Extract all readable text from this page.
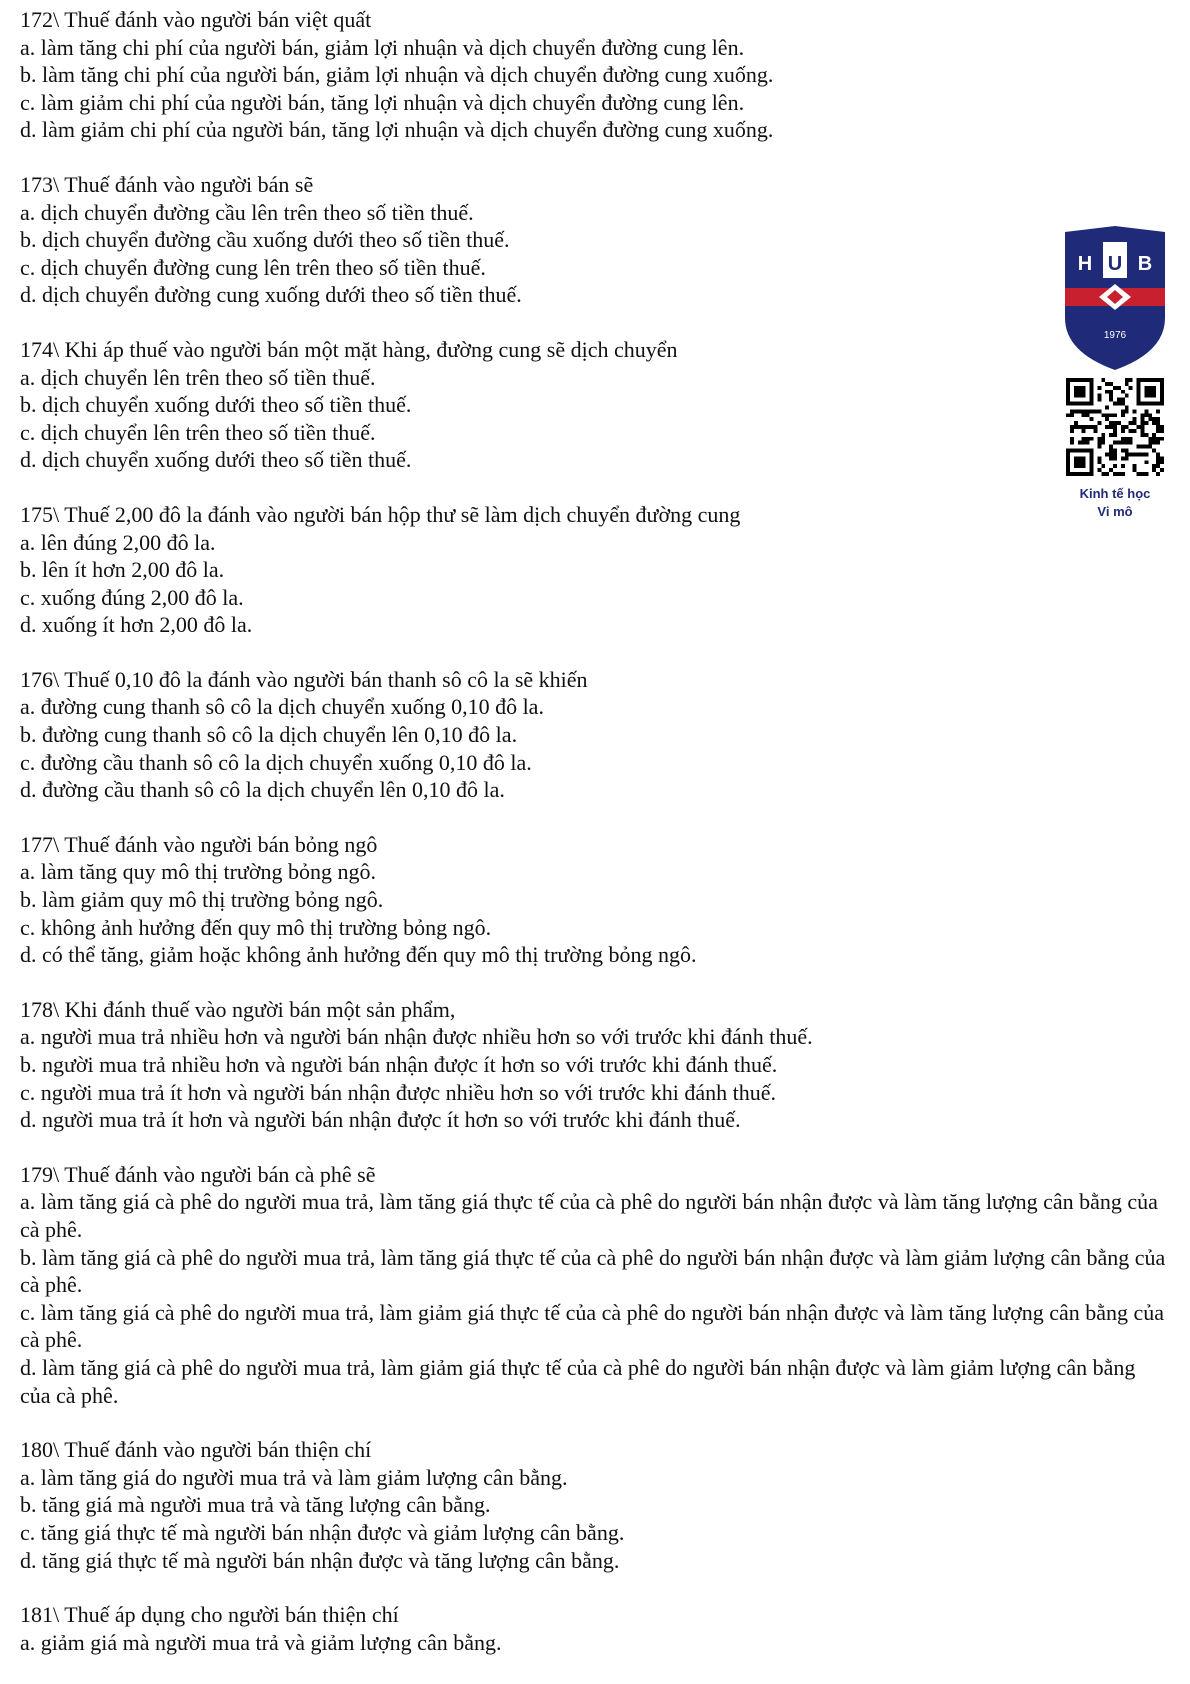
172\ Thuế đánh vào người bán việt quất

a. làm tăng chi phí của người bán, giảm lợi nhuận và dịch chuyển đường cung lên.

b. làm tăng chi phí của người bán, giảm lợi nhuận và dịch chuyển đường cung xuống.

c. làm giảm chi phí của người bán, tăng lợi nhuận và dịch chuyển đường cung lên.

d. làm giảm chi phí của người bán, tăng lợi nhuận và dịch chuyển đường cung xuống.

173\ Thuế đánh vào người bán sẽ

a. dịch chuyển đường cầu lên trên theo số tiền thuế.

b. dịch chuyển đường cầu xuống dưới theo số tiền thuế.

c. dịch chuyển đường cung lên trên theo số tiền thuế.

d. dịch chuyển đường cung xuống dưới theo số tiền thuế.

174\ Khi áp thuế vào người bán một mặt hàng, đường cung sẽ dịch chuyển

a. dịch chuyển lên trên theo số tiền thuế.

b. dịch chuyển xuống dưới theo số tiền thuế.

c. dịch chuyển lên trên theo số tiền thuế.

d. dịch chuyển xuống dưới theo số tiền thuế.

175\ Thuế 2,00 đô la đánh vào người bán hộp thư sẽ làm dịch chuyển đường cung

a. lên đúng 2,00 đô la.

b. lên ít hơn 2,00 đô la.

c. xuống đúng 2,00 đô la.

d. xuống ít hơn 2,00 đô la.

176\ Thuế 0,10 đô la đánh vào người bán thanh sô cô la sẽ khiến

a. đường cung thanh sô cô la dịch chuyển xuống 0,10 đô la.

b. đường cung thanh sô cô la dịch chuyển lên 0,10 đô la.

c. đường cầu thanh sô cô la dịch chuyển xuống 0,10 đô la.

d. đường cầu thanh sô cô la dịch chuyển lên 0,10 đô la.

177\ Thuế đánh vào người bán bỏng ngô

a. làm tăng quy mô thị trường bỏng ngô.

b. làm giảm quy mô thị trường bỏng ngô.

c. không ảnh hưởng đến quy mô thị trường bỏng ngô.

d. có thể tăng, giảm hoặc không ảnh hưởng đến quy mô thị trường bỏng ngô.

178\ Khi đánh thuế vào người bán một sản phẩm,

a. người mua trả nhiều hơn và người bán nhận được nhiều hơn so với trước khi đánh thuế.

b. người mua trả nhiều hơn và người bán nhận được ít hơn so với trước khi đánh thuế.

c. người mua trả ít hơn và người bán nhận được nhiều hơn so với trước khi đánh thuế.

d. người mua trả ít hơn và người bán nhận được ít hơn so với trước khi đánh thuế.

179\ Thuế đánh vào người bán cà phê sẽ

a. làm tăng giá cà phê do người mua trả, làm tăng giá thực tế của cà phê do người bán nhận được và làm tăng lượng cân bằng của cà phê.

b. làm tăng giá cà phê do người mua trả, làm tăng giá thực tế của cà phê do người bán nhận được và làm giảm lượng cân bằng của cà phê.

c. làm tăng giá cà phê do người mua trả, làm giảm giá thực tế của cà phê do người bán nhận được và làm tăng lượng cân bằng của cà phê.

d. làm tăng giá cà phê do người mua trả, làm giảm giá thực tế của cà phê do người bán nhận được và làm giảm lượng cân bằng của cà phê.

180\ Thuế đánh vào người bán thiện chí

a. làm tăng giá do người mua trả và làm giảm lượng cân bằng.

b. tăng giá mà người mua trả và tăng lượng cân bằng.

c. tăng giá thực tế mà người bán nhận được và giảm lượng cân bằng.

d. tăng giá thực tế mà người bán nhận được và tăng lượng cân bằng.

181\ Thuế áp dụng cho người bán thiện chí

a. giảm giá mà người mua trả và giảm lượng cân bằng.

H U B
1976
Kinh tế học
Vi mô
